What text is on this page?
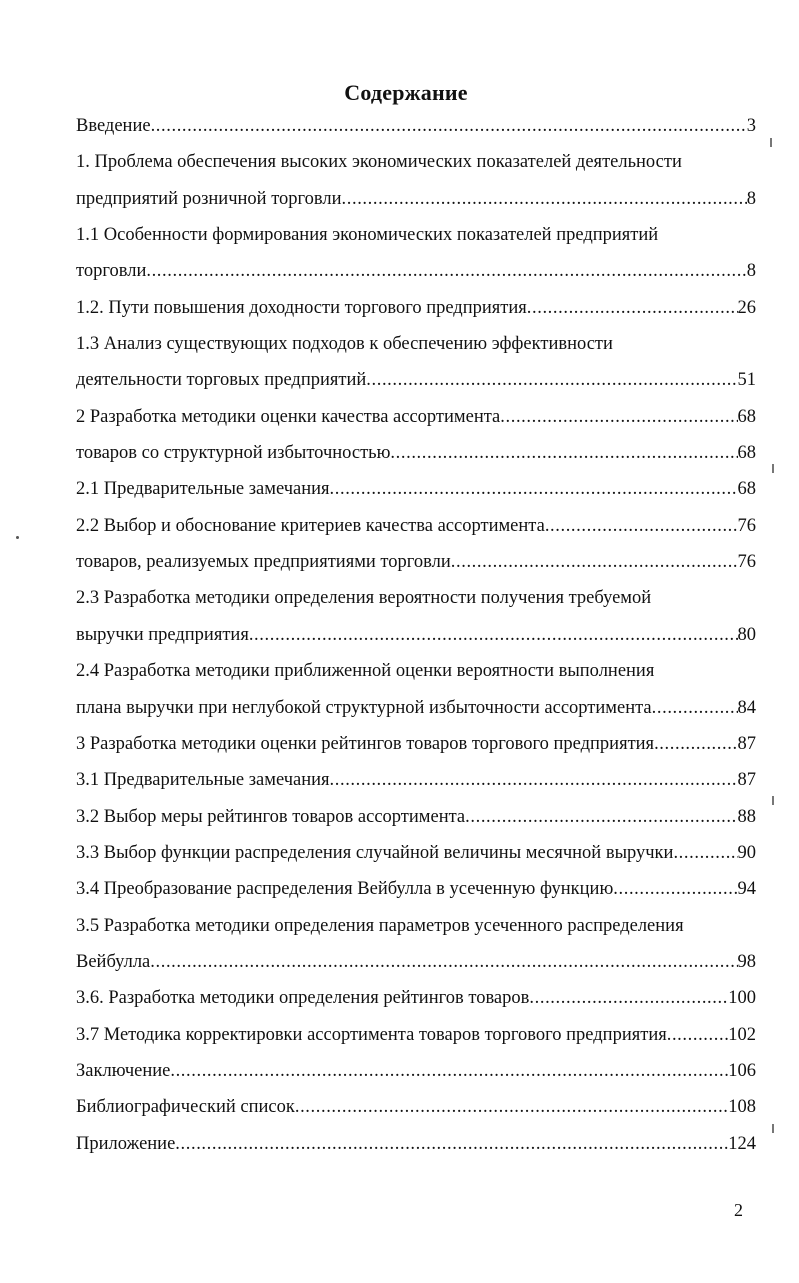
Содержание
Введение .....	3
1. Проблема обеспечения высоких экономических показателей деятельности
предприятий розничной торговли .....	8
1.1 Особенности формирования экономических показателей предприятий
торговли .....	8
1.2. Пути повышения доходности торгового предприятия .....	26
1.3 Анализ существующих подходов к обеспечению эффективности
деятельности торговых предприятий .....	51
2 Разработка методики оценки качества ассортимента .....	68
товаров со структурной избыточностью .....	68
2.1 Предварительные замечания .....	68
2.2 Выбор и обоснование критериев качества ассортимента .....	76
товаров, реализуемых предприятиями торговли .....	76
2.3 Разработка методики определения вероятности получения требуемой
выручки предприятия .....	80
2.4 Разработка методики приближенной оценки вероятности выполнения
плана выручки при неглубокой структурной избыточности ассортимента .....	84
3 Разработка методики оценки рейтингов товаров торгового предприятия .....	87
3.1 Предварительные замечания .....	87
3.2 Выбор меры рейтингов товаров ассортимента .....	88
3.3 Выбор функции распределения случайной величины месячной выручки .....	90
3.4 Преобразование распределения Вейбулла в усеченную функцию .....	94
3.5 Разработка методики определения параметров усеченного распределения
Вейбулла .....	98
3.6. Разработка методики определения рейтингов товаров .....	100
3.7 Методика корректировки ассортимента товаров торгового предприятия .....	102
Заключение .....	106
Библиографический список .....	108
Приложение .....	124
2
